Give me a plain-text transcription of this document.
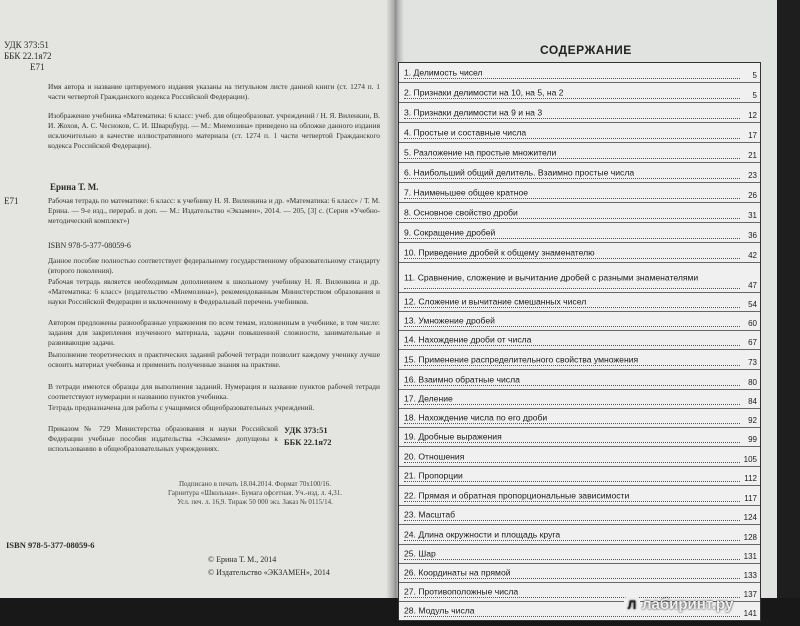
УДК 373:51
ББК 22.1я72
Е71
Имя автора и название цитируемого издания указаны на титульном листе данной книги (ст. 1274 п. 1 части четвертой Гражданского кодекса Российской Федерации).
Изображение учебника «Математика: 6 класс: учеб. для общеобразоват. учреждений / Н. Я. Виленкин, В. И. Жохов, А. С. Чесноков, С. И. Шварцбурд. — М.: Мнемозина» приведено на обложке данного издания исключительно в качестве иллюстративного материала (ст. 1274 п. 1 части четвертой Гражданского кодекса Российской Федерации).
Ерина Т. М.
Е71	Рабочая тетрадь по математике: 6 класс: к учебнику Н. Я. Виленкина и др. «Математика: 6 класс» / Т. М. Ерина. — 9-е изд., перераб. и доп. — М.: Издательство «Экзамен», 2014. — 205, [3] с. (Серия «Учебно-методический комплект»)
ISBN 978-5-377-08059-6
Данное пособие полностью соответствует федеральному государственному образовательному стандарту (второго поколения).
Рабочая тетрадь является необходимым дополнением к школьному учебнику Н. Я. Виленкина и др. «Математика: 6 класс» (издательство «Мнемозина»), рекомендованным Министерством образования и науки Российской Федерации и включенному в Федеральный перечень учебников.
Автором предложены разнообразные упражнения по всем темам, изложенным в учебнике, в том числе: задания для закрепления изученного материала, задачи повышенной сложности, занимательные и развивающие задачи.
Выполнение теоретических и практических заданий рабочей тетради позволит каждому ученику лучше освоить материал учебника и применить полученные знания на практике.
В тетради имеются образцы для выполнения заданий. Нумерация и название пунктов рабочей тетради соответствуют нумерации и названию пунктов учебника.
Тетрадь предназначена для работы с учащимися общеобразовательных учреждений.
Приказом № 729 Министерства образования и науки Российской Федерации учебные пособия издательства «Экзамен» допущены к использованию в общеобразовательных учреждениях.
УДК 373:51
ББК 22.1я72
Подписано в печать 18.04.2014. Формат 70х100/16.
Гарнитура «Школьная». Бумага офсетная. Уч.-изд. л. 4,31.
Усл. печ. л. 16,9. Тираж 50 000 экз. Заказ № 0115/14.
ISBN 978-5-377-08059-6
© Ерина Т. М., 2014
© Издательство «ЭКЗАМЕН», 2014
СОДЕРЖАНИЕ
1. Делимость чисел	5
2. Признаки делимости на 10, на 5, на 2	5
3. Признаки делимости на 9 и на 3	12
4. Простые и составные числа	17
5. Разложение на простые множители	21
6. Наибольший общий делитель. Взаимно простые числа	23
7. Наименьшее общее кратное	26
8. Основное свойство дроби	31
9. Сокращение дробей	36
10. Приведение дробей к общему знаменателю	42
11. Сравнение, сложение и вычитание дробей с разными знаменателями
47
12. Сложение и вычитание смешанных чисел	54
13. Умножение дробей	60
14. Нахождение дроби от числа	67
15. Применение распределительного свойства умножения	73
16. Взаимно обратные числа	80
17. Деление	84
18. Нахождение числа по его дроби	92
19. Дробные выражения	99
20. Отношения	105
21. Пропорции	112
22. Прямая и обратная пропорциональные зависимости	117
23. Масштаб	124
24. Длина окружности и площадь круга	128
25. Шар	131
26. Координаты на прямой	133
27. Противоположные числа	137
28. Модуль числа	141
Л лабиринт.ру
